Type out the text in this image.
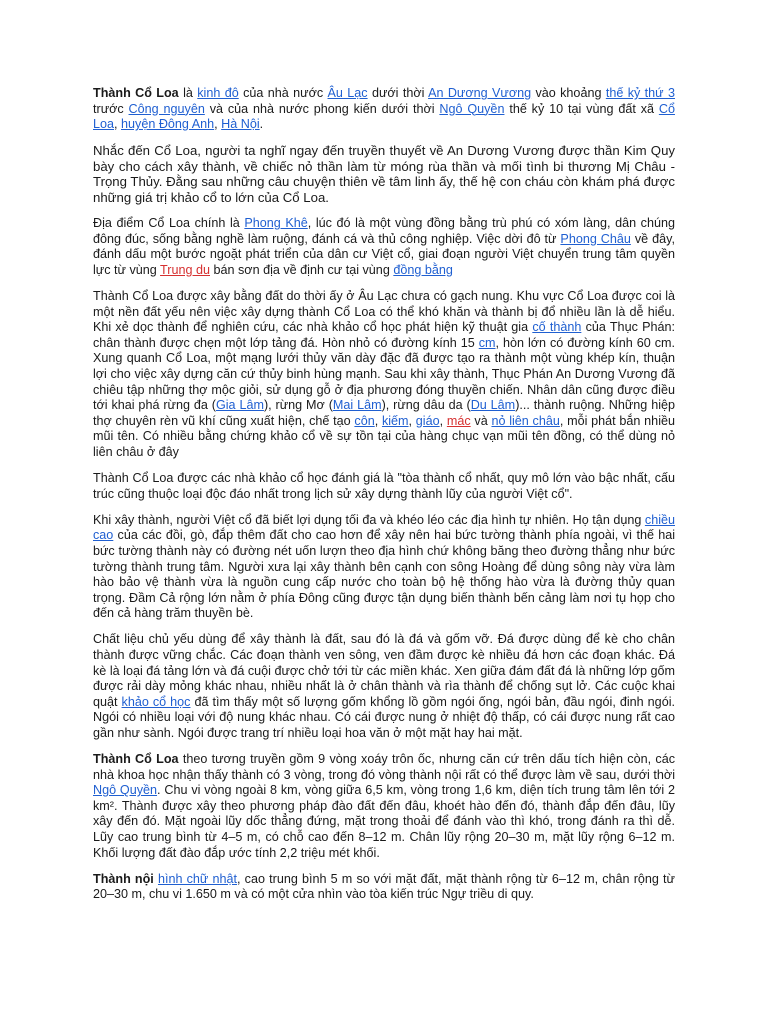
Thành Cổ Loa là kinh đô của nhà nước Âu Lạc dưới thời An Dương Vương vào khoảng thế kỷ thứ 3 trước Công nguyên và của nhà nước phong kiến dưới thời Ngô Quyền thế kỷ 10 tại vùng đất xã Cổ Loa, huyện Đông Anh, Hà Nội.

Nhắc đến Cổ Loa, người ta nghĩ ngay đến truyền thuyết về An Dương Vương được thần Kim Quy bày cho cách xây thành, về chiếc nỏ thần làm từ móng rùa thần và mối tình bi thương Mị Châu - Trọng Thủy. Đằng sau những câu chuyện thiên về tâm linh ấy, thế hệ con cháu còn khám phá được những giá trị khảo cổ to lớn của Cổ Loa.

Địa điểm Cổ Loa chính là Phong Khê, lúc đó là một vùng đồng bằng trù phú có xóm làng, dân chúng đông đúc, sống bằng nghề làm ruộng, đánh cá và thủ công nghiệp. Việc dời đô từ Phong Châu về đây, đánh dấu một bước ngoặt phát triển của dân cư Việt cổ, giai đoạn người Việt chuyển trung tâm quyền lực từ vùng Trung du bán sơn địa về định cư tại vùng đồng bằng

Thành Cổ Loa được xây bằng đất do thời ấy ở Âu Lạc chưa có gạch nung. Khu vực Cổ Loa được coi là một nền đất yếu nên việc xây dựng thành Cổ Loa có thể khó khăn và thành bị đổ nhiều lần là dễ hiểu. Khi xẻ dọc thành để nghiên cứu, các nhà khảo cổ học phát hiện kỹ thuật gia cố thành của Thục Phán: chân thành được chẹn một lớp tảng đá. Hòn nhỏ có đường kính 15 cm, hòn lớn có đường kính 60 cm. Xung quanh Cổ Loa, một mạng lưới thủy văn dày đặc đã được tạo ra thành một vùng khép kín, thuận lợi cho việc xây dựng căn cứ thủy binh hùng mạnh. Sau khi xây thành, Thục Phán An Dương Vương đã chiêu tập những thợ mộc giỏi, sử dụng gỗ ở địa phương đóng thuyền chiến. Nhân dân cũng được điều tới khai phá rừng đa (Gia Lâm), rừng Mơ (Mai Lâm), rừng dâu da (Du Lâm)... thành ruộng. Những hiệp thợ chuyên rèn vũ khí cũng xuất hiện, chế tạo côn, kiếm, giáo, mác và nỏ liên châu, mỗi phát bắn nhiều mũi tên. Có nhiều bằng chứng khảo cổ về sự tồn tại của hàng chục vạn mũi tên đồng, có thể dùng nỏ liên châu ở đây

Thành Cổ Loa được các nhà khảo cổ học đánh giá là "tòa thành cổ nhất, quy mô lớn vào bậc nhất, cấu trúc cũng thuộc loại độc đáo nhất trong lịch sử xây dựng thành lũy của người Việt cổ".

Khi xây thành, người Việt cổ đã biết lợi dụng tối đa và khéo léo các địa hình tự nhiên. Họ tận dụng chiều cao của các đồi, gò, đắp thêm đất cho cao hơn để xây nên hai bức tường thành phía ngoài, vì thế hai bức tường thành này có đường nét uốn lượn theo địa hình chứ không băng theo đường thẳng như bức tường thành trung tâm. Người xưa lại xây thành bên cạnh con sông Hoàng để dùng sông này vừa làm hào bảo vệ thành vừa là nguồn cung cấp nước cho toàn bộ hệ thống hào vừa là đường thủy quan trọng. Đầm Cả rộng lớn nằm ở phía Đông cũng được tận dụng biến thành bến cảng làm nơi tụ họp cho đến cả hàng trăm thuyền bè.

Chất liệu chủ yếu dùng để xây thành là đất, sau đó là đá và gốm vỡ. Đá được dùng để kè cho chân thành được vững chắc. Các đoạn thành ven sông, ven đầm được kè nhiều đá hơn các đoạn khác. Đá kè là loại đá tảng lớn và đá cuội được chở tới từ các miền khác. Xen giữa đám đất đá là những lớp gốm được rải dày mỏng khác nhau, nhiều nhất là ở chân thành và rìa thành để chống sụt lở. Các cuộc khai quật khảo cổ học đã tìm thấy một số lượng gốm khổng lồ gồm ngói ống, ngói bản, đầu ngói, đinh ngói. Ngói có nhiều loại với độ nung khác nhau. Có cái được nung ở nhiệt độ thấp, có cái được nung rất cao gần như sành. Ngói được trang trí nhiều loại hoa văn ở một mặt hay hai mặt.

Thành Cổ Loa theo tương truyền gồm 9 vòng xoáy trôn ốc, nhưng căn cứ trên dấu tích hiện còn, các nhà khoa học nhận thấy thành có 3 vòng, trong đó vòng thành nội rất có thể được làm về sau, dưới thời Ngô Quyền. Chu vi vòng ngoài 8 km, vòng giữa 6,5 km, vòng trong 1,6 km, diện tích trung tâm lên tới 2 km². Thành được xây theo phương pháp đào đất đến đâu, khoét hào đến đó, thành đắp đến đâu, lũy xây đến đó. Mặt ngoài lũy dốc thẳng đứng, mặt trong thoải để đánh vào thì khó, trong đánh ra thì dễ. Lũy cao trung bình từ 4–5 m, có chỗ cao đến 8–12 m. Chân lũy rộng 20–30 m, mặt lũy rộng 6–12 m. Khối lượng đất đào đắp ước tính 2,2 triệu mét khối.

Thành nội hình chữ nhật, cao trung bình 5 m so với mặt đất, mặt thành rộng từ 6–12 m, chân rộng từ 20–30 m, chu vi 1.650 m và có một cửa nhìn vào tòa kiến trúc Ngự triều di quy.
